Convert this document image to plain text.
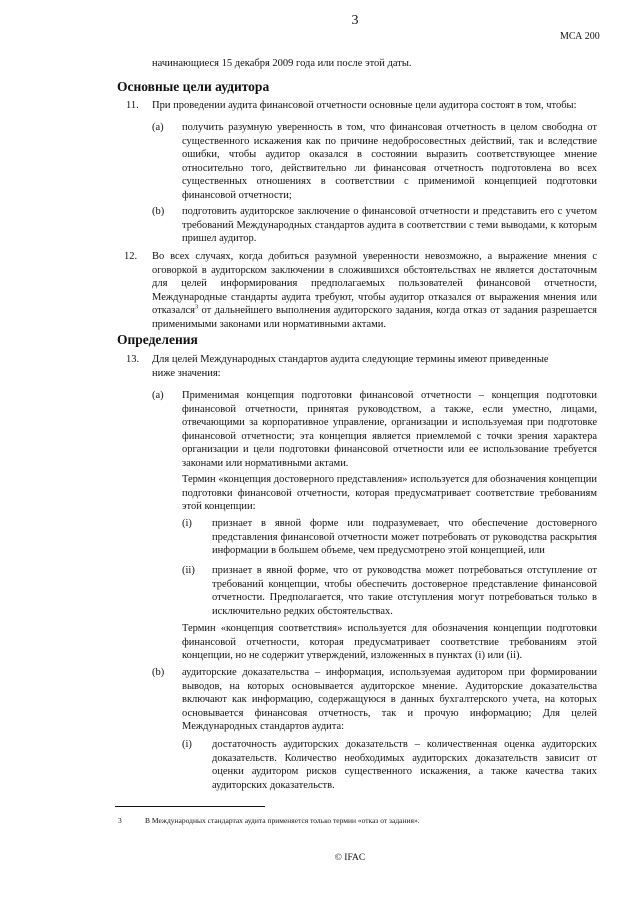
3
МСА 200
начинающиеся 15 декабря 2009 года или после этой даты.
Основные цели аудитора
11. При проведении аудита финансовой отчетности основные цели аудитора состоят в том, чтобы:
(a) получить разумную уверенность в том, что финансовая отчетность в целом свободна от существенного искажения как по причине недобросовестных действий, так и вследствие ошибки, чтобы аудитор оказался в состоянии выразить соответствующее мнение относительно того, действительно ли финансовая отчетность подготовлена во всех существенных отношениях в соответствии с применимой концепцией подготовки финансовой отчетности;
(b) подготовить аудиторское заключение о финансовой отчетности и представить его с учетом требований Международных стандартов аудита в соответствии с теми выводами, к которым пришел аудитор.
12. Во всех случаях, когда добиться разумной уверенности невозможно, а выражение мнения с оговоркой в аудиторском заключении в сложившихся обстоятельствах не является достаточным для целей информирования предполагаемых пользователей финансовой отчетности, Международные стандарты аудита требуют, чтобы аудитор отказался от выражения мнения или отказался$^3$ от дальнейшего выполнения аудиторского задания, когда отказ от задания разрешается применимыми законами или нормативными актами.
Определения
13. Для целей Международных стандартов аудита следующие термины имеют приведенные ниже значения:
(a) Применимая концепция подготовки финансовой отчетности – концепция подготовки финансовой отчетности, принятая руководством, а также, если уместно, лицами, отвечающими за корпоративное управление, организации и используемая при подготовке финансовой отчетности; эта концепция является приемлемой с точки зрения характера организации и цели подготовки финансовой отчетности или ее использование требуется законами или нормативными актами.
Термин «концепция достоверного представления» используется для обозначения концепции подготовки финансовой отчетности, которая предусматривает соответствие требованиям этой концепции:
(i) признает в явной форме или подразумевает, что обеспечение достоверного представления финансовой отчетности может потребовать от руководства раскрытия информации в большем объеме, чем предусмотрено этой концепцией, или
(ii) признает в явной форме, что от руководства может потребоваться отступление от требований концепции, чтобы обеспечить достоверное представление финансовой отчетности. Предполагается, что такие отступления могут потребоваться только в исключительно редких обстоятельствах.
Термин «концепция соответствия» используется для обозначения концепции подготовки финансовой отчетности, которая предусматривает соответствие требованиям этой концепции, но не содержит утверждений, изложенных в пунктах (i) или (ii).
(b) аудиторские доказательства – информация, используемая аудитором при формировании выводов, на которых основывается аудиторское мнение. Аудиторские доказательства включают как информацию, содержащуюся в данных бухгалтерского учета, на которых основывается финансовая отчетность, так и прочую информацию; Для целей Международных стандартов аудита:
(i) достаточность аудиторских доказательств – количественная оценка аудиторских доказательств. Количество необходимых аудиторских доказательств зависит от оценки аудитором рисков существенного искажения, а также качества таких аудиторских доказательств.
3	В Международных стандартах аудита применяется только термин «отказ от задания».
© IFAC
